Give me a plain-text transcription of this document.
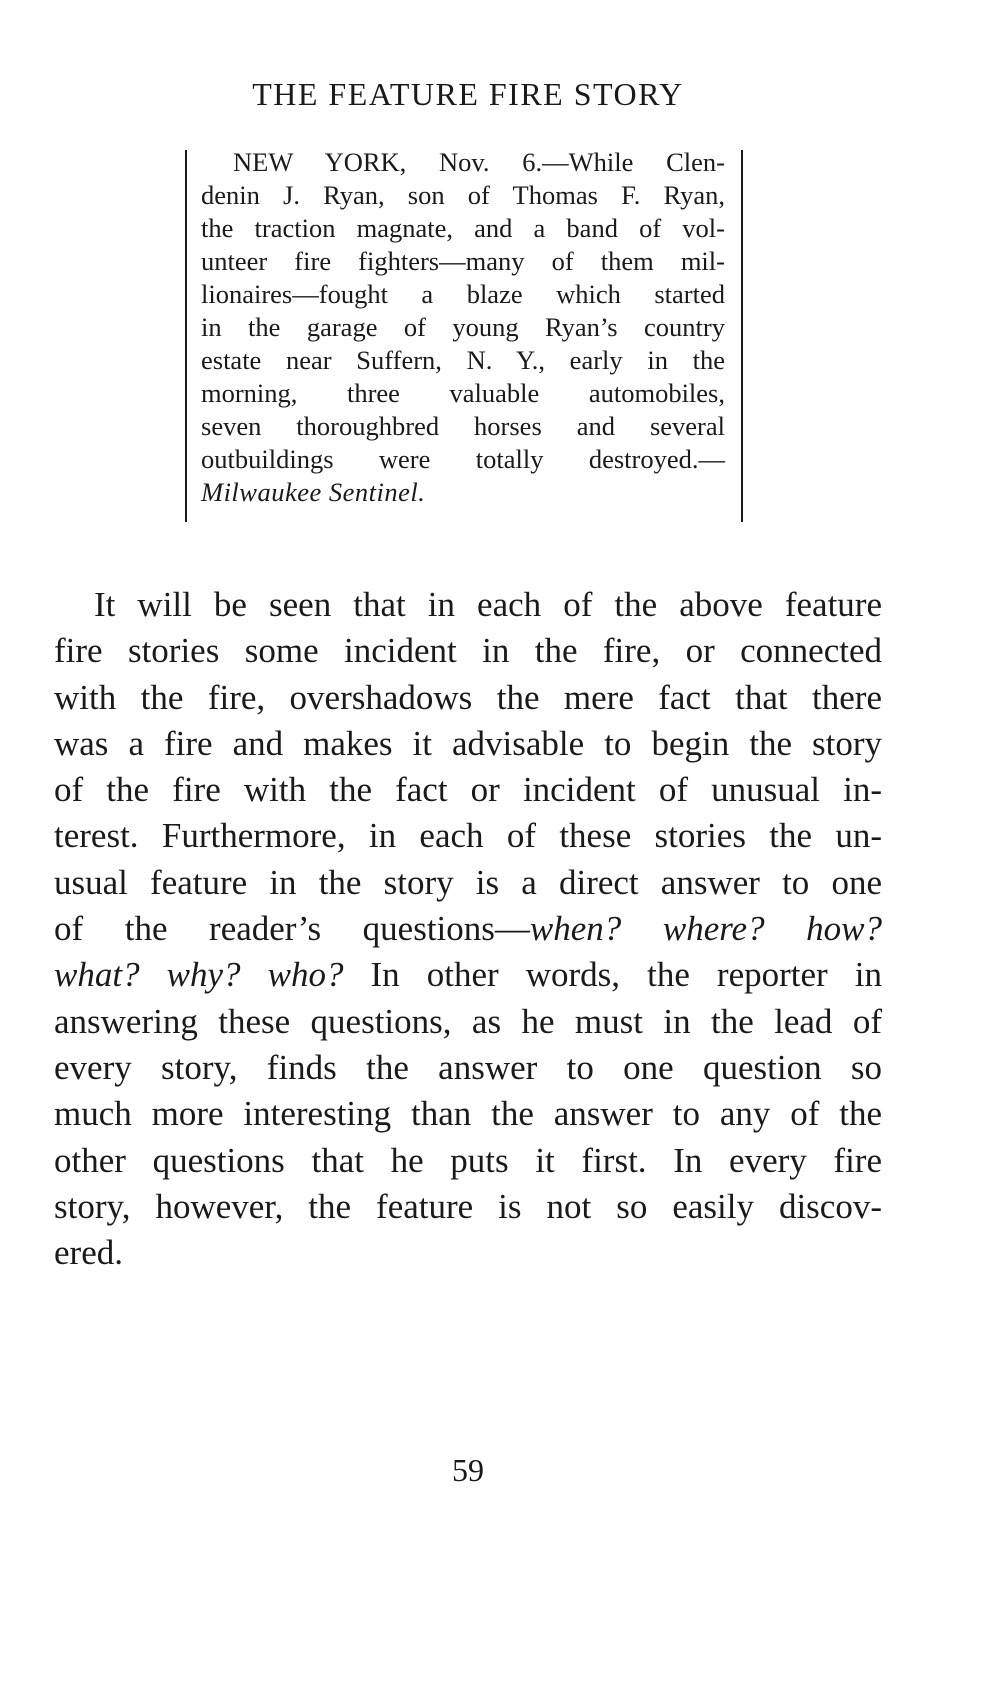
THE FEATURE FIRE STORY
NEW YORK, Nov. 6.—While Clen-
denin J. Ryan, son of Thomas F. Ryan,
the traction magnate, and a band of vol-
unteer fire fighters—many of them mil-
lionaires—fought a blaze which started
in the garage of young Ryan’s country
estate near Suffern, N. Y., early in the
morning, three valuable automobiles,
seven thoroughbred horses and several
outbuildings were totally destroyed.—
Milwaukee Sentinel.
It will be seen that in each of the above feature
fire stories some incident in the fire, or connected
with the fire, overshadows the mere fact that there
was a fire and makes it advisable to begin the story
of the fire with the fact or incident of unusual in-
terest. Furthermore, in each of these stories the un-
usual feature in the story is a direct answer to one
of the reader’s questions—when? where? how?
what? why? who? In other words, the reporter in
answering these questions, as he must in the lead of
every story, finds the answer to one question so
much more interesting than the answer to any of the
other questions that he puts it first. In every fire
story, however, the feature is not so easily discov-
ered.
59
